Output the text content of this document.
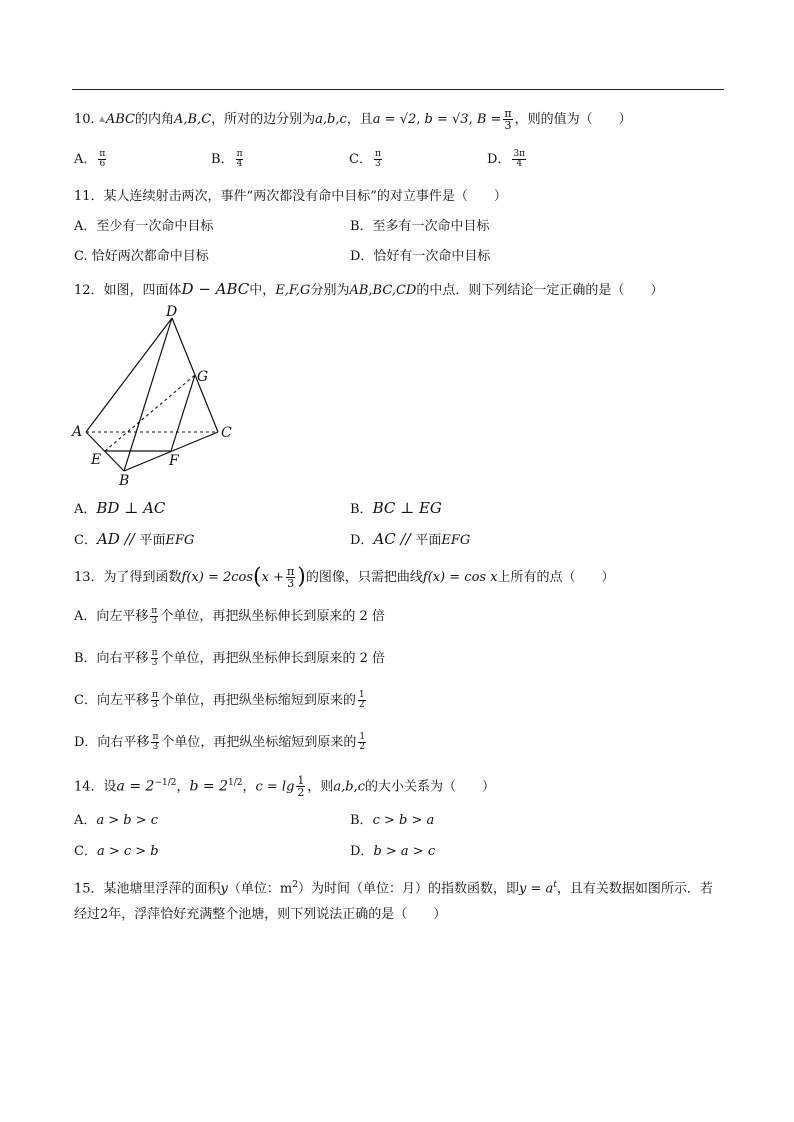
10. ABC的内角A,B,C，所对的边分别为a,b,c，且a = √2, b = √3, $B = \frac{\pi}{3}$ ，则的值为（　　）
A． $\frac{\pi}{6}$	B． $\frac{\pi}{4}$	C． $\frac{\pi}{3}$	D． $\frac{3\pi}{4}$
11．某人连续射击两次，事件“两次都没有命中目标”的对立事件是（　　）
A．至少有一次命中目标	B．至多有一次命中目标
C. 恰好两次都命中目标	D．恰好有一次命中目标
12．如图，四面体D − ABC中，E,F,G分别为AB,BC,CD的中点．则下列结论一定正确的是（　　）
D
G
A	C
E	F
B
A．BD ⊥ AC	B．BC ⊥ EG
C．AD // 平面EFG	D．AC // 平面EFG
13．为了得到函数$f(x) = 2\cos(x + \frac{\pi}{3}$ )的图像，只需把曲线f(x) = cos x上所有的点（　　）
A．向左平移 $\frac{\pi}{3}$ 个单位，再把纵坐标伸长到原来的 2 倍
B．向右平移 $\frac{\pi}{3}$ 个单位，再把纵坐标伸长到原来的 2 倍
C．向左平移 $\frac{\pi}{3}$ 个单位，再把纵坐标缩短到原来的 $\frac{1}{2}$
D．向右平移 $\frac{\pi}{3}$ 个单位，再把纵坐标缩短到原来的 $\frac{1}{2}$
14．设$a = 2^{-1/2}$，$b = 2^{1/2}$，$c = \lg \frac{1}{2}$ ，则a,b,c的大小关系为（　　）
A．a > b > c	B．c > b > a
C．a > c > b	D．b > a > c
15．某池塘里浮萍的面积y（单位：$m^2$）为时间（单位：月）的指数函数，即$y = a^t$，且有关数据如图所示．若
经过2年，浮萍恰好充满整个池塘，则下列说法正确的是（　　）
